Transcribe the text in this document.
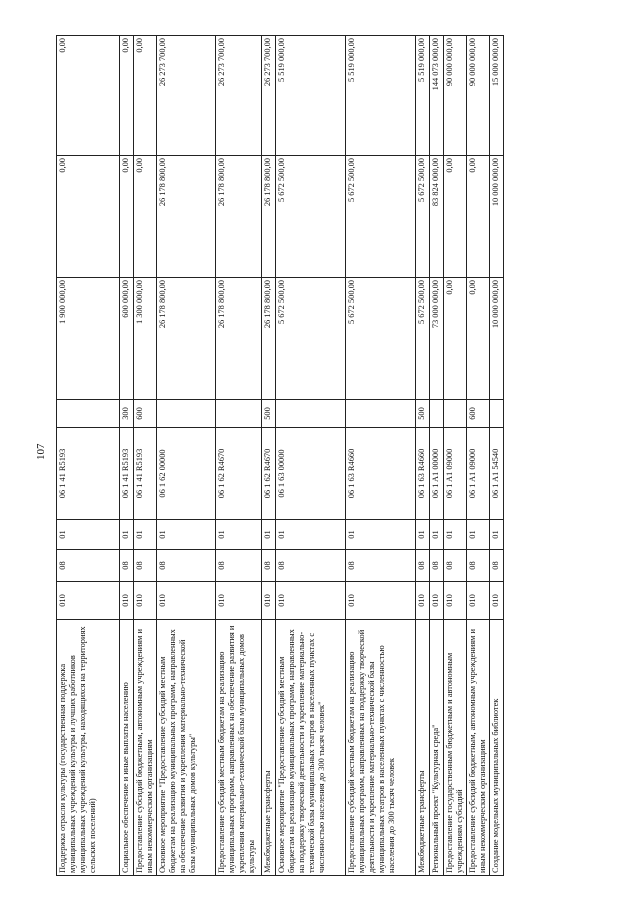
107
Поддержка отрасли культуры (государственная поддержка муниципальных учреждений культуры и лучших работников муниципальных учреждений культуры, находящихся на территориях сельских поселений)	010	08	01	06 1 41 R5193		1 900 000,00	0,00	0,00
Социальное обеспечение и иные выплаты населению	010	08	01	06 1 41 R5193	300	600 000,00	0,00	0,00
Предоставление субсидий бюджетным, автономным учреждениям и иным некоммерческим организациям	010	08	01	06 1 41 R5193	600	1 300 000,00	0,00	0,00
Основное мероприятие "Предоставление субсидий местным бюджетам на реализацию муниципальных программ, направленных на обеспечение развития и укрепления материально-технической базы муниципальных домов культуры"	010	08	01	06 1 62 00000		26 178 800,00	26 178 800,00	26 273 700,00
Предоставление субсидий местным бюджетам на реализацию муниципальных программ, направленных на обеспечение развития и укрепления материально-технической базы муниципальных домов культуры	010	08	01	06 1 62 R4670		26 178 800,00	26 178 800,00	26 273 700,00
Межбюджетные трансферты	010	08	01	06 1 62 R4670	500	26 178 800,00	26 178 800,00	26 273 700,00
Основное мероприятие "Предоставление субсидий местным бюджетам на реализацию муниципальных программ, направленных на поддержку творческой деятельности и укрепление материально-технической базы муниципальных театров в населенных пунктах с численностью населения до 300 тысяч человек"	010	08	01	06 1 63 00000		5 672 500,00	5 672 500,00	5 519 000,00
Предоставление субсидий местным бюджетам на реализацию муниципальных программ, направленных на поддержку творческой деятельности и укрепление материально-технической базы муниципальных театров в населенных пунктах с численностью населения до 300 тысяч человек	010	08	01	06 1 63 R4660		5 672 500,00	5 672 500,00	5 519 000,00
Межбюджетные трансферты	010	08	01	06 1 63 R4660	500	5 672 500,00	5 672 500,00	5 519 000,00
Региональный проект "Культурная среда"	010	08	01	06 1 A1 00000		73 000 000,00	83 824 000,00	144 073 000,00
Предоставление государственным бюджетным и автономным учреждениям субсидий	010	08	01	06 1 A1 09000		0,00	0,00	90 000 000,00
Предоставление субсидий бюджетным, автономным учреждениям и иным некоммерческим организациям	010	08	01	06 1 A1 09000	600	0,00	0,00	90 000 000,00
Создание модельных муниципальных библиотек	010	08	01	06 1 A1 54540		10 000 000,00	10 000 000,00	15 000 000,00
